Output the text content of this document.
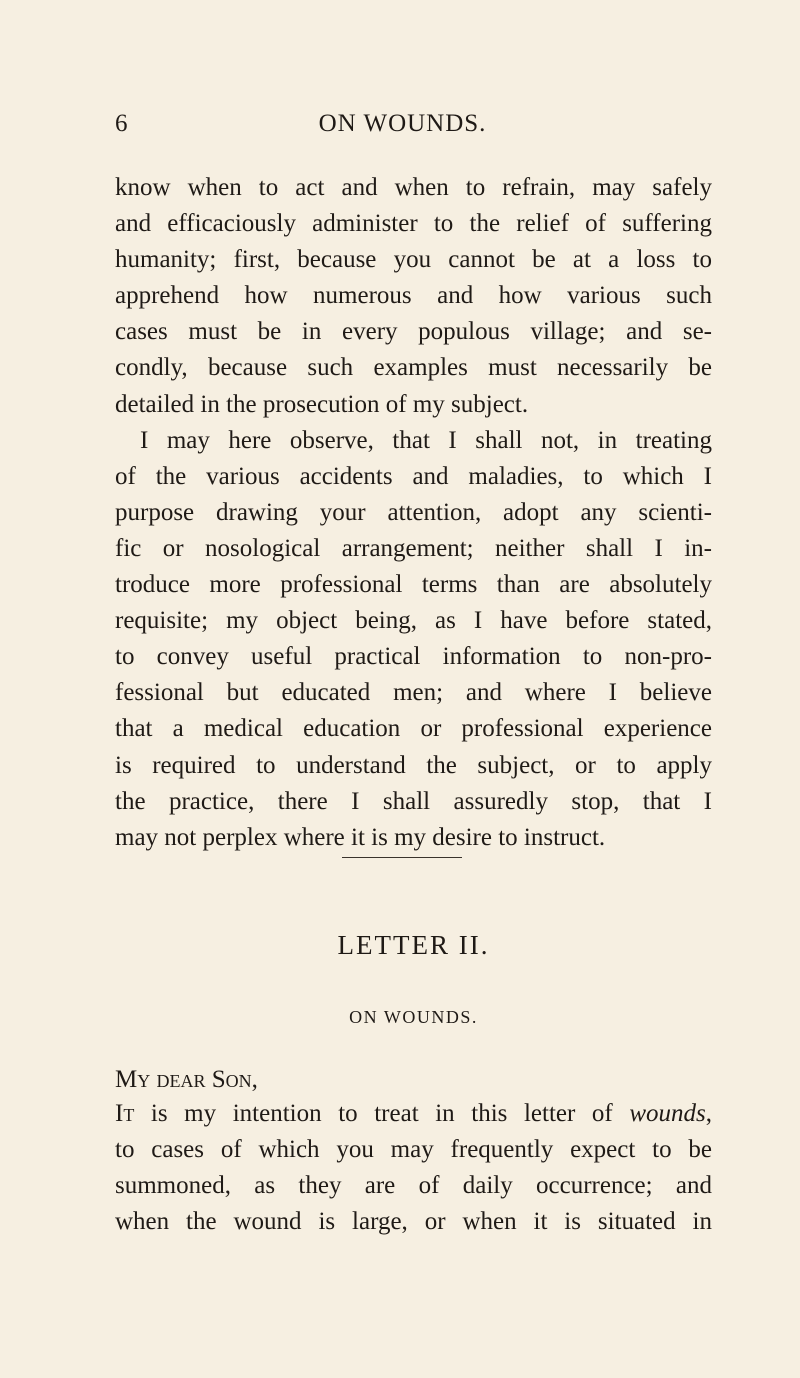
6	ON WOUNDS.
know when to act and when to refrain, may safely
and efficaciously administer to the relief of suffering
humanity; first, because you cannot be at a loss to
apprehend how numerous and how various such
cases must be in every populous village; and se-
condly, because such examples must necessarily be
detailed in the prosecution of my subject.
I may here observe, that I shall not, in treating
of the various accidents and maladies, to which I
purpose drawing your attention, adopt any scienti-
fic or nosological arrangement; neither shall I in-
troduce more professional terms than are absolutely
requisite; my object being, as I have before stated,
to convey useful practical information to non-pro-
fessional but educated men; and where I believe
that a medical education or professional experience
is required to understand the subject, or to apply
the practice, there I shall assuredly stop, that I
may not perplex where it is my desire to instruct.
LETTER II.
ON WOUNDS.
My dear Son,
It is my intention to treat in this letter of wounds,
to cases of which you may frequently expect to be
summoned, as they are of daily occurrence; and
when the wound is large, or when it is situated in
